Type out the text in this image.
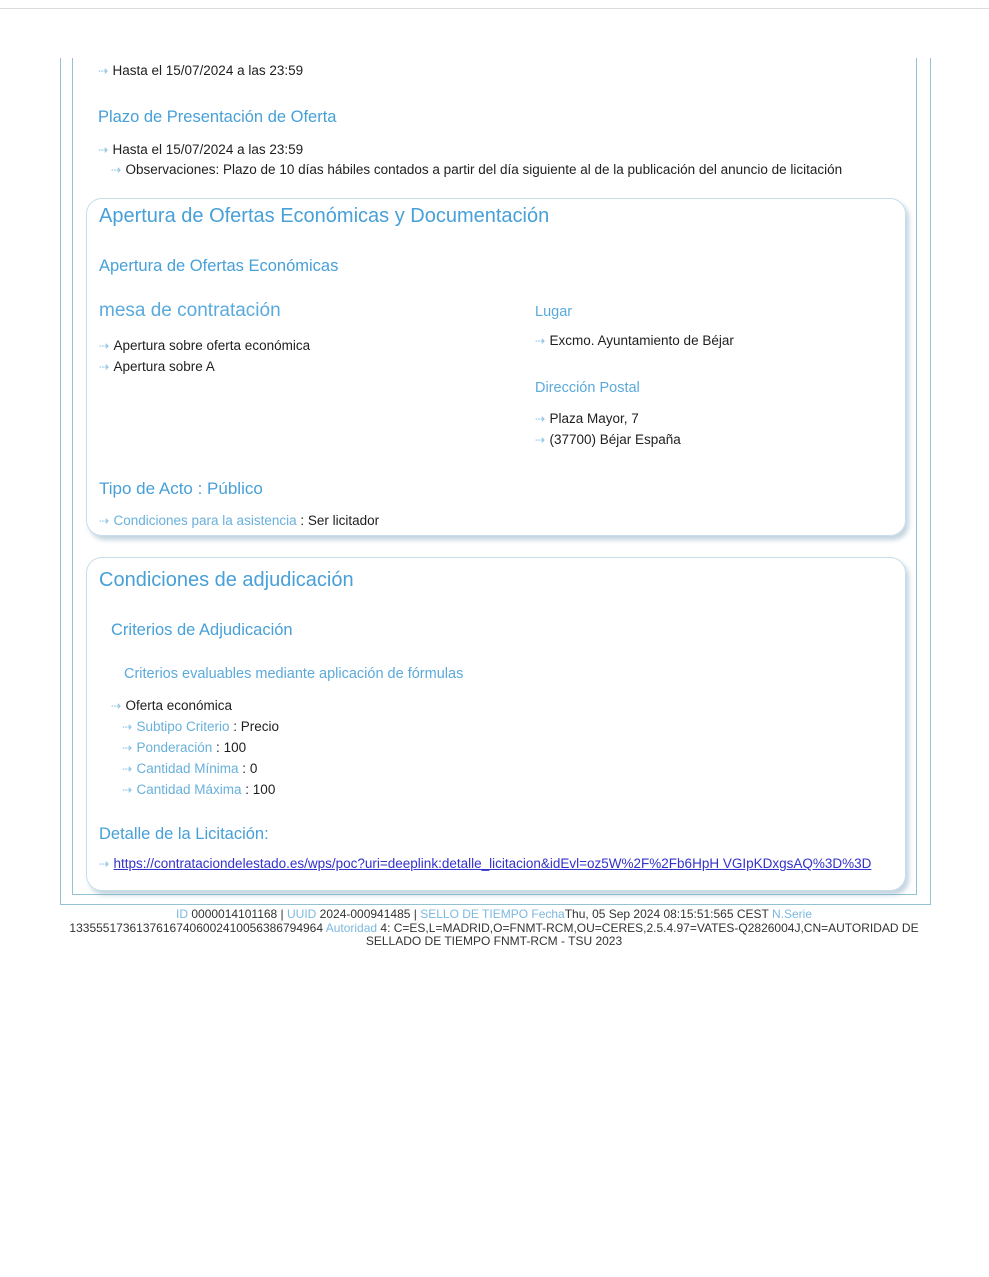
⇢ Hasta el 15/07/2024 a las 23:59
Plazo de Presentación de Oferta
⇢ Hasta el 15/07/2024 a las 23:59
⇢ Observaciones: Plazo de 10 días hábiles contados a partir del día siguiente al de la publicación del anuncio de licitación
Apertura de Ofertas Económicas y Documentación
Apertura de Ofertas Económicas
mesa de contratación
⇢ Apertura sobre oferta económica
⇢ Apertura sobre A
Lugar
⇢ Excmo. Ayuntamiento de Béjar
Dirección Postal
⇢ Plaza Mayor, 7
⇢ (37700) Béjar España
Tipo de Acto : Público
⇢ Condiciones para la asistencia : Ser licitador
Condiciones de adjudicación
Criterios de Adjudicación
Criterios evaluables mediante aplicación de fórmulas
⇢ Oferta económica
⇢ Subtipo Criterio : Precio
⇢ Ponderación : 100
⇢ Cantidad Mínima : 0
⇢ Cantidad Máxima : 100
Detalle de la Licitación:
⇢ https://contrataciondelestado.es/wps/poc?uri=deeplink:detalle_licitacion&idEvl=oz5W%2F%2Fb6HpH VGIpKDxgsAQ%3D%3D

ID 0000014101168 | UUID 2024-000941485 | SELLO DE TIEMPO FechaThu, 05 Sep 2024 08:15:51:565 CEST N.Serie
13355517361376167406002410056386794964 Autoridad 4: C=ES,L=MADRID,O=FNMT-RCM,OU=CERES,2.5.4.97=VATES-Q2826004J,CN=AUTORIDAD DE
SELLADO DE TIEMPO FNMT-RCM - TSU 2023
